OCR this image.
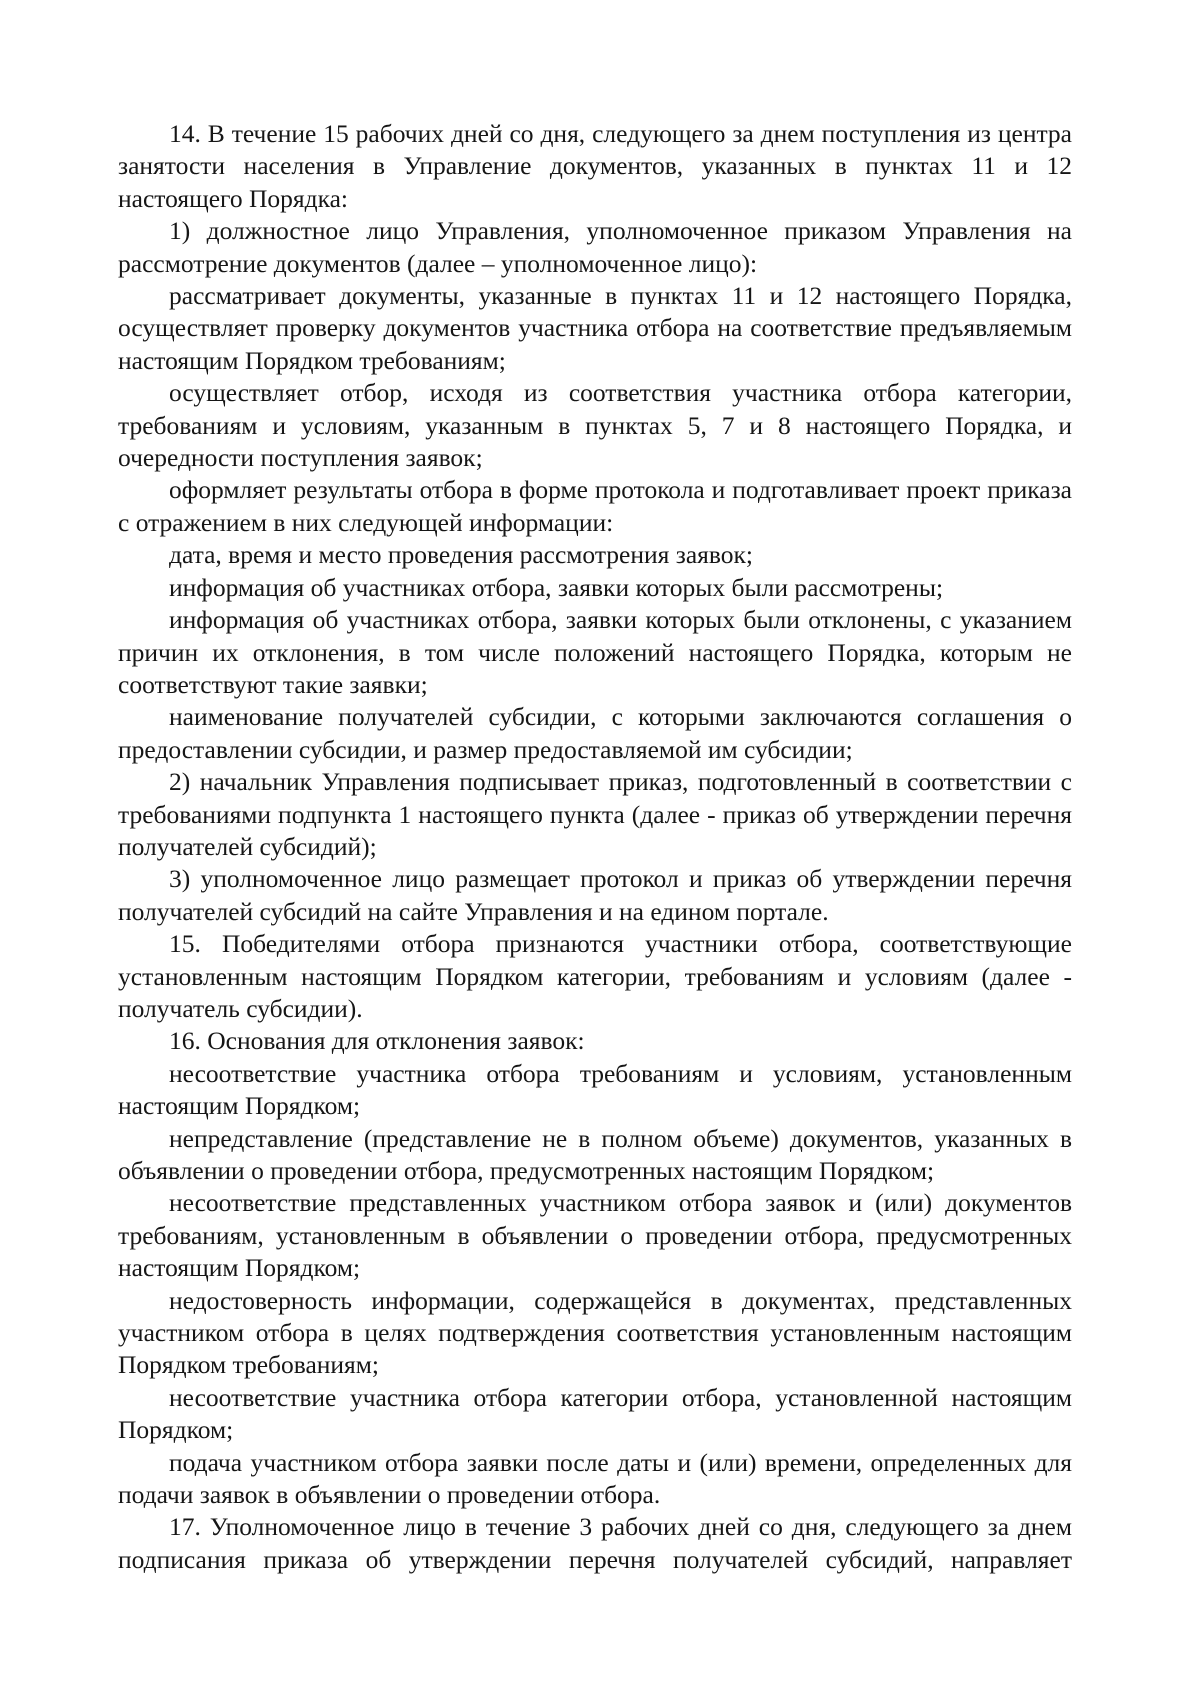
14. В течение 15 рабочих дней со дня, следующего за днем поступления из центра занятости населения в Управление документов, указанных в пунктах 11 и 12 настоящего Порядка:

1) должностное лицо Управления, уполномоченное приказом Управления на рассмотрение документов (далее – уполномоченное лицо):

рассматривает документы, указанные в пунктах 11 и 12 настоящего Порядка, осуществляет проверку документов участника отбора на соответствие предъявляемым настоящим Порядком требованиям;

осуществляет отбор, исходя из соответствия участника отбора категории, требованиям и условиям, указанным в пунктах 5, 7 и 8 настоящего Порядка, и очередности поступления заявок;

оформляет результаты отбора в форме протокола и подготавливает проект приказа с отражением в них следующей информации:

дата, время и место проведения рассмотрения заявок;

информация об участниках отбора, заявки которых были рассмотрены;

информация об участниках отбора, заявки которых были отклонены, с указанием причин их отклонения, в том числе положений настоящего Порядка, которым не соответствуют такие заявки;

наименование получателей субсидии, с которыми заключаются соглашения о предоставлении субсидии, и размер предоставляемой им субсидии;

2) начальник Управления подписывает приказ, подготовленный в соответствии с требованиями подпункта 1 настоящего пункта (далее - приказ об утверждении перечня получателей субсидий);

3) уполномоченное лицо размещает протокол и приказ об утверждении перечня получателей субсидий на сайте Управления и на едином портале.

15. Победителями отбора признаются участники отбора, соответствующие установленным настоящим Порядком категории, требованиям и условиям (далее - получатель субсидии).

16. Основания для отклонения заявок:

несоответствие участника отбора требованиям и условиям, установленным настоящим Порядком;

непредставление (представление не в полном объеме) документов, указанных в объявлении о проведении отбора, предусмотренных настоящим Порядком;

несоответствие представленных участником отбора заявок и (или) документов требованиям, установленным в объявлении о проведении отбора, предусмотренных настоящим Порядком;

недостоверность информации, содержащейся в документах, представленных участником отбора в целях подтверждения соответствия установленным настоящим Порядком требованиям;

несоответствие участника отбора категории отбора, установленной настоящим Порядком;

подача участником отбора заявки после даты и (или) времени, определенных для подачи заявок в объявлении о проведении отбора.

17. Уполномоченное лицо в течение 3 рабочих дней со дня, следующего за днем подписания приказа об утверждении перечня получателей субсидий, направляет
